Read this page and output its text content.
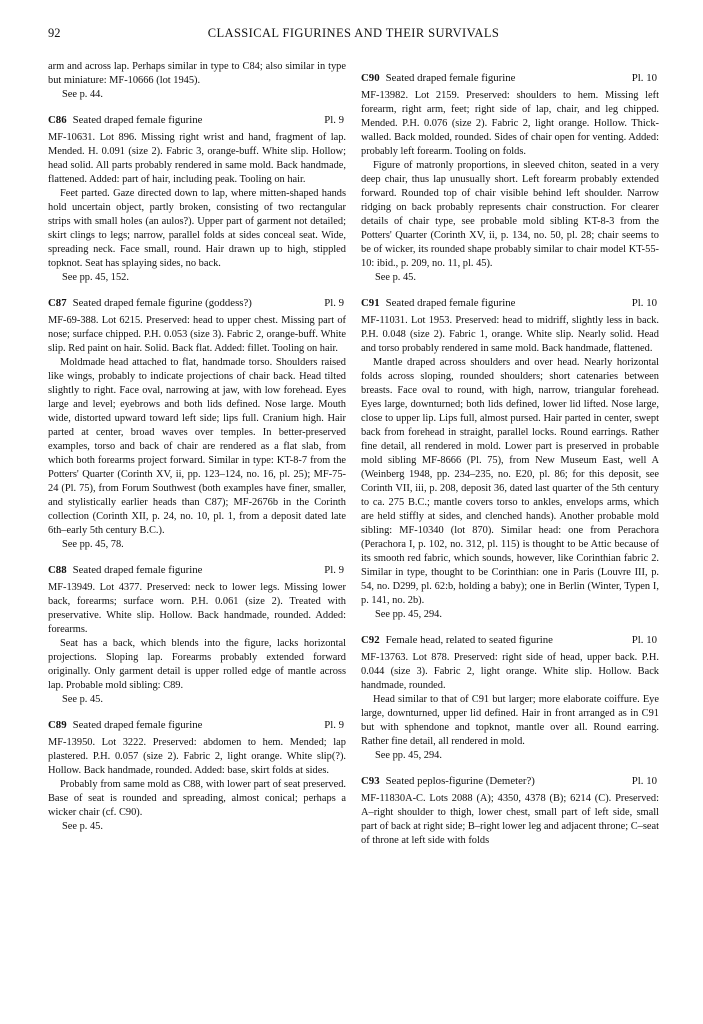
92	CLASSICAL FIGURINES AND THEIR SURVIVALS

arm and across lap. Perhaps similar in type to C84; also similar in type but miniature: MF-10666 (lot 1945).

See p. 44.

C86 Seated draped female figurine	Pl. 9

MF-10631. Lot 896. Missing right wrist and hand, fragment of lap. Mended. H. 0.091 (size 2). Fabric 3, orange-buff. White slip. Hollow; head solid. All parts probably rendered in same mold. Back handmade, flattened. Added: part of hair, including peak. Tooling on hair.

Feet parted. Gaze directed down to lap, where mitten-shaped hands hold uncertain object, partly broken, consisting of two rectangular strips with small holes (an aulos?). Upper part of garment not detailed; skirt clings to legs; narrow, parallel folds at sides conceal seat. Wide, spreading neck. Face small, round. Hair drawn up to high, stippled topknot. Seat has splaying sides, no back.

See pp. 45, 152.

C87 Seated draped female figurine (goddess?)	Pl. 9

MF-69-388. Lot 6215. Preserved: head to upper chest. Missing part of nose; surface chipped. P.H. 0.053 (size 3). Fabric 2, orange-buff. White slip. Red paint on hair. Solid. Back flat. Added: fillet. Tooling on hair.

Moldmade head attached to flat, handmade torso. Shoulders raised like wings, probably to indicate projections of chair back. Head tilted slightly to right. Face oval, narrowing at jaw, with low forehead. Eyes large and level; eyebrows and both lids defined. Nose large. Mouth wide, distorted upward toward left side; lips full. Cranium high. Hair parted at center, broad waves over temples. In better-preserved examples, torso and back of chair are rendered as a flat slab, from which both forearms project forward. Similar in type: KT-8-7 from the Potters' Quarter (Corinth XV, ii, pp. 123–124, no. 16, pl. 25); MF-75-24 (Pl. 75), from Forum Southwest (both examples have finer, smaller, and stylistically earlier heads than C87); MF-2676b in the Corinth collection (Corinth XII, p. 24, no. 10, pl. 1, from a deposit dated late 6th–early 5th century B.C.).

See pp. 45, 78.

C88 Seated draped female figurine	Pl. 9

MF-13949. Lot 4377. Preserved: neck to lower legs. Missing lower back, forearms; surface worn. P.H. 0.061 (size 2). Treated with preservative. White slip. Hollow. Back handmade, rounded. Added: forearms.

Seat has a back, which blends into the figure, lacks horizontal projections. Sloping lap. Forearms probably extended forward originally. Only garment detail is upper rolled edge of mantle across lap. Probable mold sibling: C89.

See p. 45.

C89 Seated draped female figurine	Pl. 9

MF-13950. Lot 3222. Preserved: abdomen to hem. Mended; lap plastered. P.H. 0.057 (size 2). Fabric 2, light orange. White slip(?). Hollow. Back handmade, rounded. Added: base, skirt folds at sides.

Probably from same mold as C88, with lower part of seat preserved. Base of seat is rounded and spreading, almost conical; perhaps a wicker chair (cf. C90).

See p. 45.

C90 Seated draped female figurine	Pl. 10

MF-13982. Lot 2159. Preserved: shoulders to hem. Missing left forearm, right arm, feet; right side of lap, chair, and leg chipped. Mended. P.H. 0.076 (size 2). Fabric 2, light orange. Hollow. Thick-walled. Back molded, rounded. Sides of chair open for venting. Added: probably left forearm. Tooling on folds.

Figure of matronly proportions, in sleeved chiton, seated in a very deep chair, thus lap unusually short. Left forearm probably extended forward. Rounded top of chair visible behind left shoulder. Narrow ridging on back probably represents chair construction. For clearer details of chair type, see probable mold sibling KT-8-3 from the Potters' Quarter (Corinth XV, ii, p. 134, no. 50, pl. 28; chair seems to be of wicker, its rounded shape probably similar to chair model KT-55-10: ibid., p. 209, no. 11, pl. 45).

See p. 45.

C91 Seated draped female figurine	Pl. 10

MF-11031. Lot 1953. Preserved: head to midriff, slightly less in back. P.H. 0.048 (size 2). Fabric 1, orange. White slip. Nearly solid. Head and torso probably rendered in same mold. Back handmade, flattened.

Mantle draped across shoulders and over head. Nearly horizontal folds across sloping, rounded shoulders; short catenaries between breasts. Face oval to round, with high, narrow, triangular forehead. Eyes large, downturned; both lids defined, lower lid lifted. Nose large, close to upper lip. Lips full, almost pursed. Hair parted in center, swept back from forehead in straight, parallel locks. Round earrings. Rather fine detail, all rendered in mold. Lower part is preserved in probable mold sibling MF-8666 (Pl. 75), from New Museum East, well A (Weinberg 1948, pp. 234–235, no. E20, pl. 86; for this deposit, see Corinth VII, iii, p. 208, deposit 36, dated last quarter of the 5th century to ca. 275 B.C.; mantle covers torso to ankles, envelops arms, which are held stiffly at sides, and clenched hands). Another probable mold sibling: MF-10340 (lot 870). Similar head: one from Perachora (Perachora I, p. 102, no. 312, pl. 115) is thought to be Attic because of its smooth red fabric, which sounds, however, like Corinthian fabric 2. Similar in type, thought to be Corinthian: one in Paris (Louvre III, p. 54, no. D299, pl. 62:b, holding a baby); one in Berlin (Winter, Typen I, p. 141, no. 2b).

See pp. 45, 294.

C92 Female head, related to seated figurine	Pl. 10

MF-13763. Lot 878. Preserved: right side of head, upper back. P.H. 0.044 (size 3). Fabric 2, light orange. White slip. Hollow. Back handmade, rounded.

Head similar to that of C91 but larger; more elaborate coiffure. Eye large, downturned, upper lid defined. Hair in front arranged as in C91 but with sphendone and topknot, mantle over all. Round earring. Rather fine detail, all rendered in mold.

See pp. 45, 294.

C93 Seated peplos-figurine (Demeter?)	Pl. 10

MF-11830A-C. Lots 2088 (A); 4350, 4378 (B); 6214 (C). Preserved: A–right shoulder to thigh, lower chest, small part of left side, small part of back at right side; B–right lower leg and adjacent throne; C–seat of throne at left side with folds
